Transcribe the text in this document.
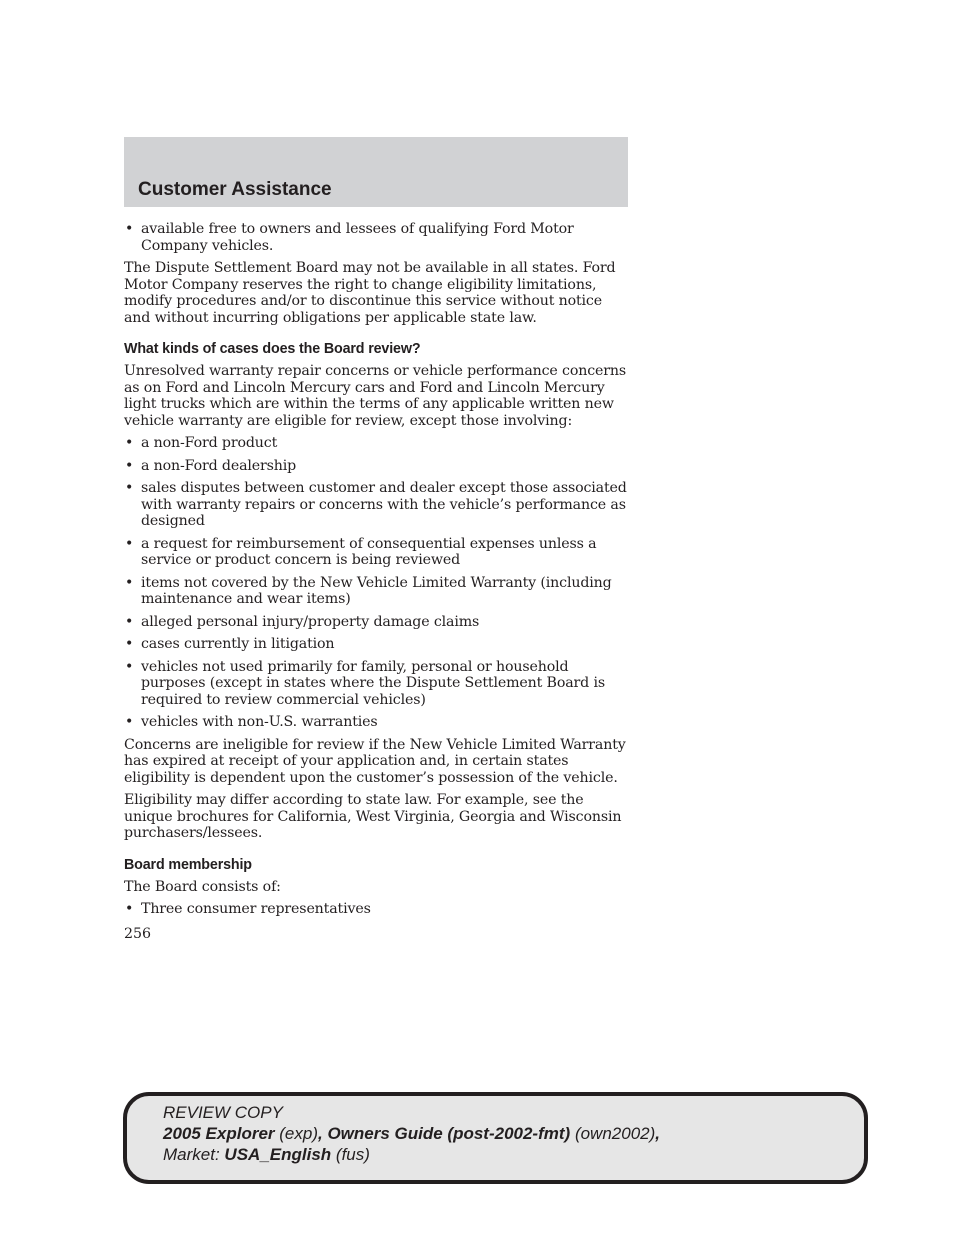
Customer Assistance
• available free to owners and lessees of qualifying Ford Motor Company vehicles.

The Dispute Settlement Board may not be available in all states. Ford Motor Company reserves the right to change eligibility limitations, modify procedures and/or to discontinue this service without notice and without incurring obligations per applicable state law.

What kinds of cases does the Board review?

Unresolved warranty repair concerns or vehicle performance concerns as on Ford and Lincoln Mercury cars and Ford and Lincoln Mercury light trucks which are within the terms of any applicable written new vehicle warranty are eligible for review, except those involving:

• a non-Ford product
• a non-Ford dealership
• sales disputes between customer and dealer except those associated with warranty repairs or concerns with the vehicle’s performance as designed
• a request for reimbursement of consequential expenses unless a service or product concern is being reviewed
• items not covered by the New Vehicle Limited Warranty (including maintenance and wear items)
• alleged personal injury/property damage claims
• cases currently in litigation
• vehicles not used primarily for family, personal or household purposes (except in states where the Dispute Settlement Board is required to review commercial vehicles)
• vehicles with non-U.S. warranties

Concerns are ineligible for review if the New Vehicle Limited Warranty has expired at receipt of your application and, in certain states eligibility is dependent upon the customer’s possession of the vehicle.

Eligibility may differ according to state law. For example, see the unique brochures for California, West Virginia, Georgia and Wisconsin purchasers/lessees.

Board membership

The Board consists of:

• Three consumer representatives
256
REVIEW COPY
2005 Explorer (exp), Owners Guide (post-2002-fmt) (own2002),
Market: USA_English (fus)
